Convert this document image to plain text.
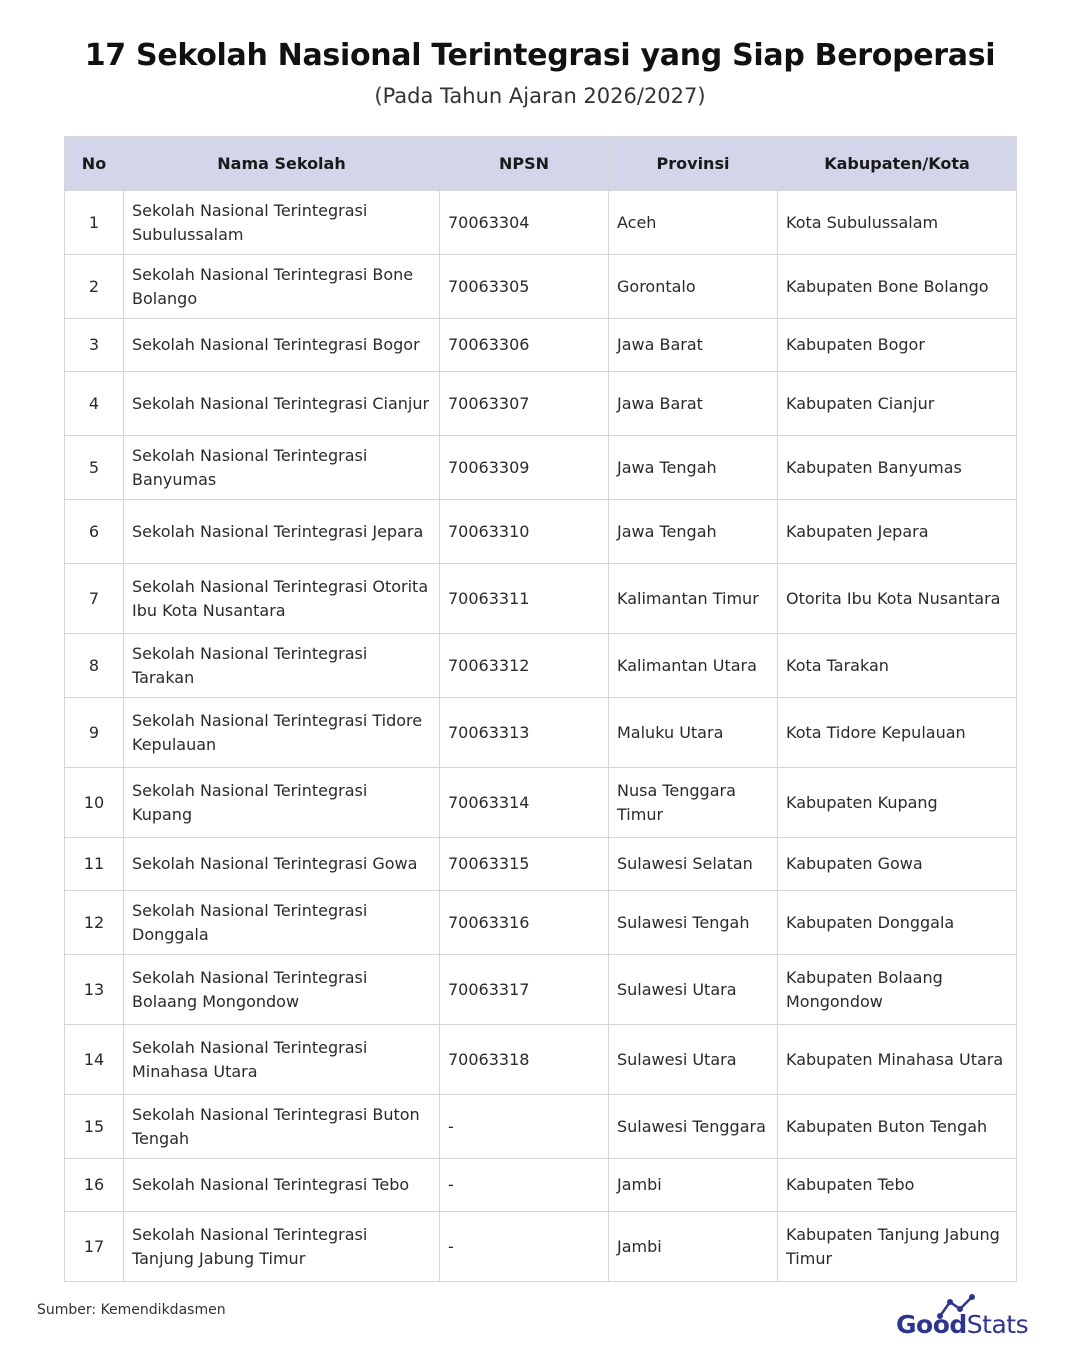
17 Sekolah Nasional Terintegrasi yang Siap Beroperasi
(Pada Tahun Ajaran 2026/2027)
No	Nama Sekolah	NPSN	Provinsi	Kabupaten/Kota
1	Sekolah Nasional Terintegrasi Subulussalam	70063304	Aceh	Kota Subulussalam
2	Sekolah Nasional Terintegrasi Bone Bolango	70063305	Gorontalo	Kabupaten Bone Bolango
3	Sekolah Nasional Terintegrasi Bogor	70063306	Jawa Barat	Kabupaten Bogor
4	Sekolah Nasional Terintegrasi Cianjur	70063307	Jawa Barat	Kabupaten Cianjur
5	Sekolah Nasional Terintegrasi Banyumas	70063309	Jawa Tengah	Kabupaten Banyumas
6	Sekolah Nasional Terintegrasi Jepara	70063310	Jawa Tengah	Kabupaten Jepara
7	Sekolah Nasional Terintegrasi Otorita Ibu Kota Nusantara	70063311	Kalimantan Timur	Otorita Ibu Kota Nusantara
8	Sekolah Nasional Terintegrasi Tarakan	70063312	Kalimantan Utara	Kota Tarakan
9	Sekolah Nasional Terintegrasi Tidore Kepulauan	70063313	Maluku Utara	Kota Tidore Kepulauan
10	Sekolah Nasional Terintegrasi Kupang	70063314	Nusa Tenggara Timur	Kabupaten Kupang
11	Sekolah Nasional Terintegrasi Gowa	70063315	Sulawesi Selatan	Kabupaten Gowa
12	Sekolah Nasional Terintegrasi Donggala	70063316	Sulawesi Tengah	Kabupaten Donggala
13	Sekolah Nasional Terintegrasi Bolaang Mongondow	70063317	Sulawesi Utara	Kabupaten Bolaang Mongondow
14	Sekolah Nasional Terintegrasi Minahasa Utara	70063318	Sulawesi Utara	Kabupaten Minahasa Utara
15	Sekolah Nasional Terintegrasi Buton Tengah	-	Sulawesi Tenggara	Kabupaten Buton Tengah
16	Sekolah Nasional Terintegrasi Tebo	-	Jambi	Kabupaten Tebo
17	Sekolah Nasional Terintegrasi Tanjung Jabung Timur	-	Jambi	Kabupaten Tanjung Jabung Timur
Sumber: Kemendikdasmen	GoodStats
